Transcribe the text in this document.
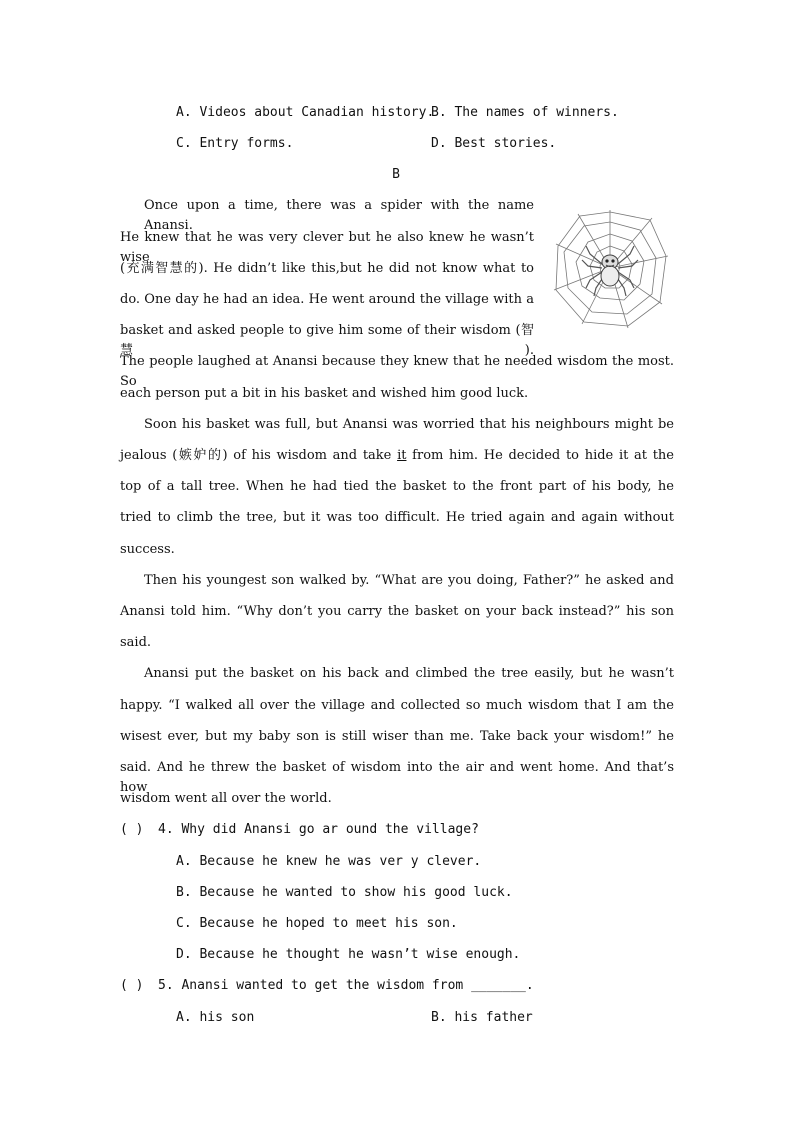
A. Videos about Canadian history.
B. The names of winners.
C. Entry forms.	D. Best stories.
B
Once upon a time, there was a spider with the name Anansi.
He knew that he was very clever but he also knew he wasn’t wise
(充满智慧的). He didn’t like this,but he did not know what to
do. One day he had an idea. He went around the village with a
basket and asked people to give him some of their wisdom (智慧).
The people laughed at Anansi because they knew that he needed wisdom the most. So
each person put a bit in his basket and wished him good luck.
Soon his basket was full, but Anansi was worried that his neighbours might be
jealous (嫉妒的) of his wisdom and take it from him. He decided to hide it at the
top of a tall tree. When he had tied the basket to the front part of his body, he
tried to climb the tree, but it was too difficult. He tried again and again without
success.
Then his youngest son walked by. “What are you doing, Father?” he asked and
Anansi told him. “Why don’t you carry the basket on your back instead?” his son
said.
Anansi put the basket on his back and climbed the tree easily, but he wasn’t
happy. “I walked all over the village and collected so much wisdom that I am the
wisest ever, but my baby son is still wiser than me. Take back your wisdom!” he
said. And he threw the basket of wisdom into the air and went home. And that’s how
wisdom went all over the world.
( ) 4. Why did Anansi go ar ound the village?
A. Because he knew he was ver y clever.
B. Because he wanted to show his good luck.
C. Because he hoped to meet his son.
D. Because he thought he wasn’t wise enough.
( ) 5. Anansi wanted to get the wisdom from _______.
A. his son	B. his father
